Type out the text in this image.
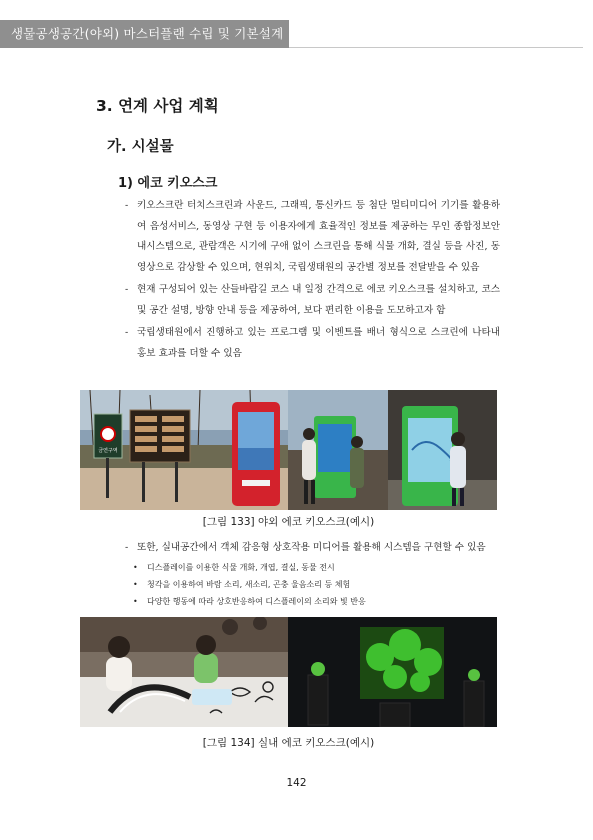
생물공생공간(야외) 마스터플랜 수립 및 기본설계
3. 연계 사업 계획
가. 시설물
1) 에코 키오스크
- 키오스크란 터치스크린과 사운드, 그래픽, 통신카드 등 첨단 멀티미디어 기기를 활용하여 음성서비스, 동영상 구현 등 이용자에게 효율적인 정보를 제공하는 무인 종합정보안내시스템으로, 관람객은 시기에 구애 없이 스크린을 통해 식물 개화, 결실 등을 사진, 동영상으로 감상할 수 있으며, 현위치, 국립생태원의 공간별 정보를 전달받을 수 있음
- 현재 구성되어 있는 산들바람길 코스 내 일정 간격으로 에코 키오스크를 설치하고, 코스 및 공간 설명, 방향 안내 등을 제공하여, 보다 편리한 이용을 도모하고자 함
- 국립생태원에서 진행하고 있는 프로그램 및 이벤트를 배너 형식으로 스크린에 나타내 홍보 효과를 더할 수 있음
금연구역
[그림 133] 야외 에코 키오스크(예시)
- 또한, 실내공간에서 객체 감응형 상호작용 미디어를 활용해 시스템을 구현할 수 있음
• 디스플레이를 이용한 식물 개화, 개엽, 결실, 동물 전시
• 청각을 이용하여 바람 소리, 새소리, 곤충 울음소리 등 체험
• 다양한 행동에 따라 상호반응하여 디스플레이의 소리와 빛 반응
[그림 134] 실내 에코 키오스크(예시)
142
